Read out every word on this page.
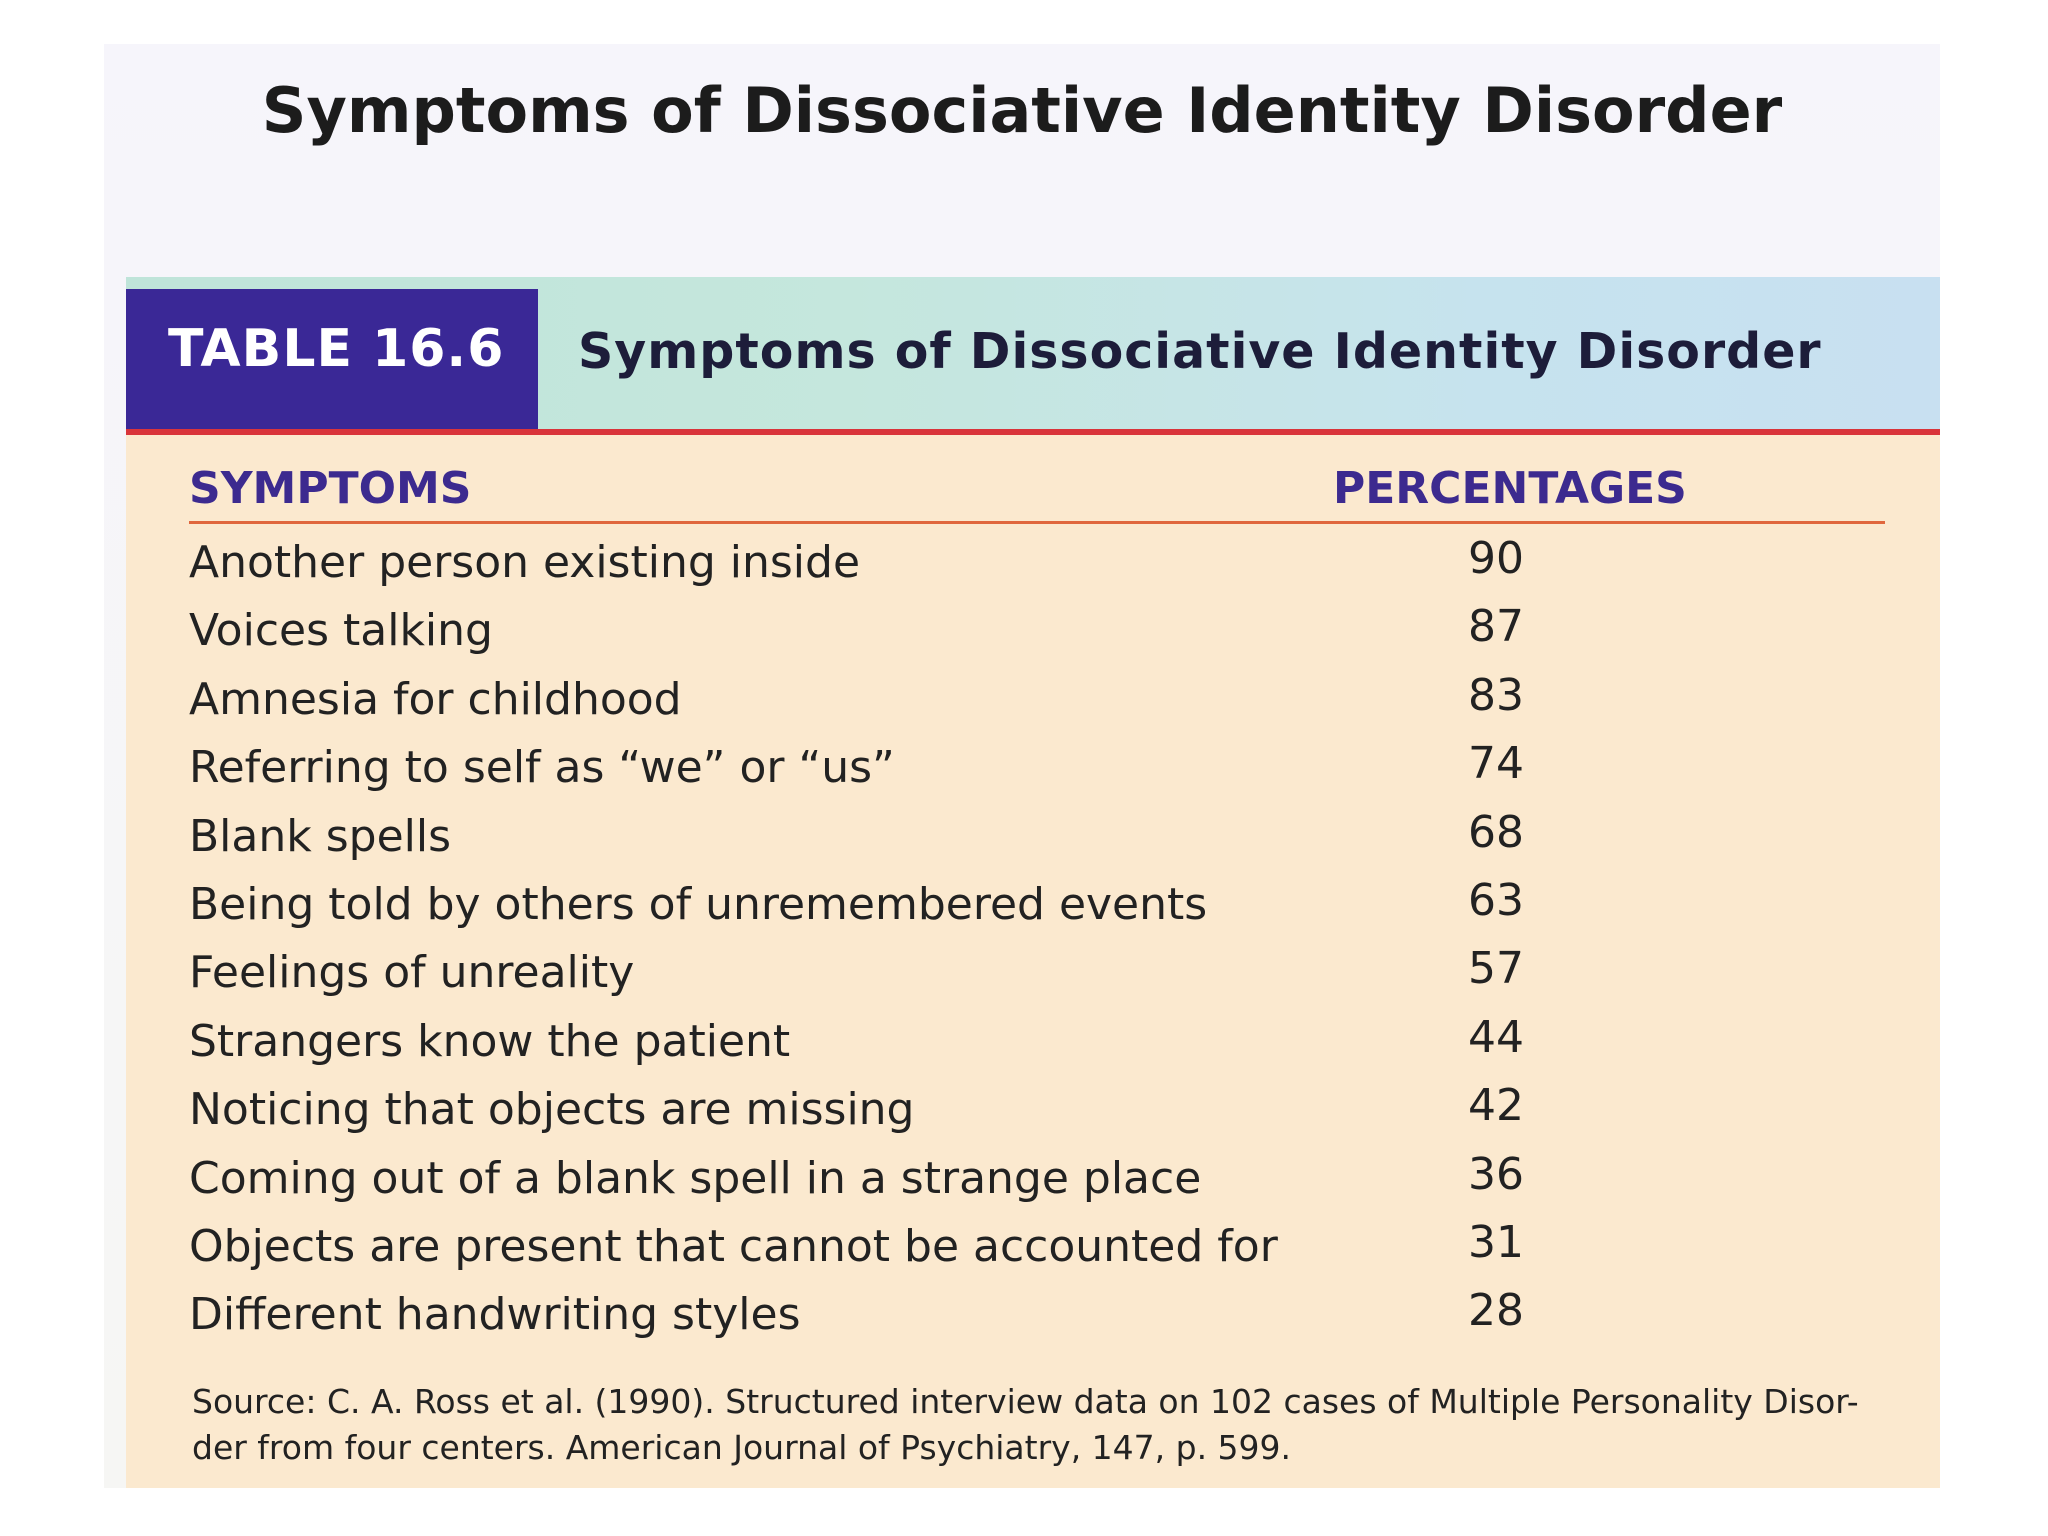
Symptoms of Dissociative Identity Disorder
Symptoms of Dissociative Identity Disorder
TABLE 16.6
SYMPTOMS	PERCENTAGES
Another person existing inside	90
Voices talking	87
Amnesia for childhood	83
Referring to self as “we” or “us”	74
Blank spells	68
Being told by others of unremembered events	63
Feelings of unreality	57
Strangers know the patient	44
Noticing that objects are missing	42
Coming out of a blank spell in a strange place	36
Objects are present that cannot be accounted for	31
Different handwriting styles	28
Source: C. A. Ross et al. (1990). Structured interview data on 102 cases of Multiple Personality Disor-
der from four centers. American Journal of Psychiatry, 147, p. 599.
